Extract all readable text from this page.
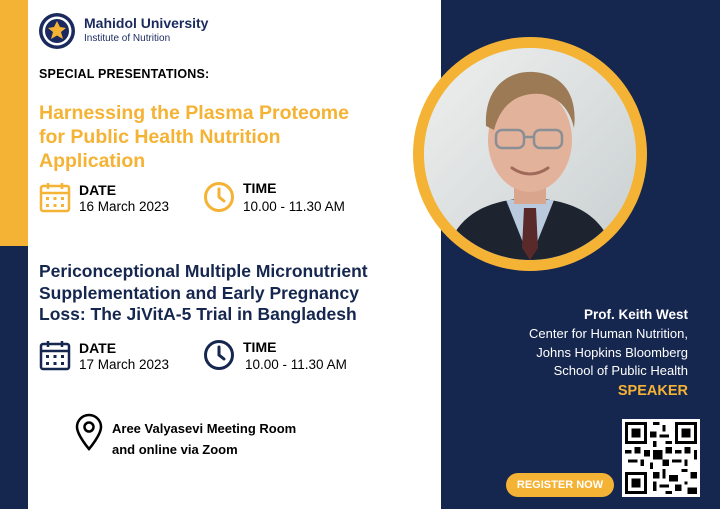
Mahidol University
Institute of Nutrition
SPECIAL PRESENTATIONS:
Harnessing the Plasma Proteome
for Public Health Nutrition
Application
DATE
16 March 2023
TIME
10.00 - 11.30 AM
Periconceptional Multiple Micronutrient
Supplementation and Early Pregnancy
Loss: The JiVitA-5 Trial in Bangladesh
DATE
17 March 2023
TIME
10.00 - 11.30 AM
Aree Valyasevi Meeting Room
and online via Zoom
Prof. Keith West
Center for Human Nutrition,
Johns Hopkins Bloomberg
School of Public Health
SPEAKER
REGISTER NOW
